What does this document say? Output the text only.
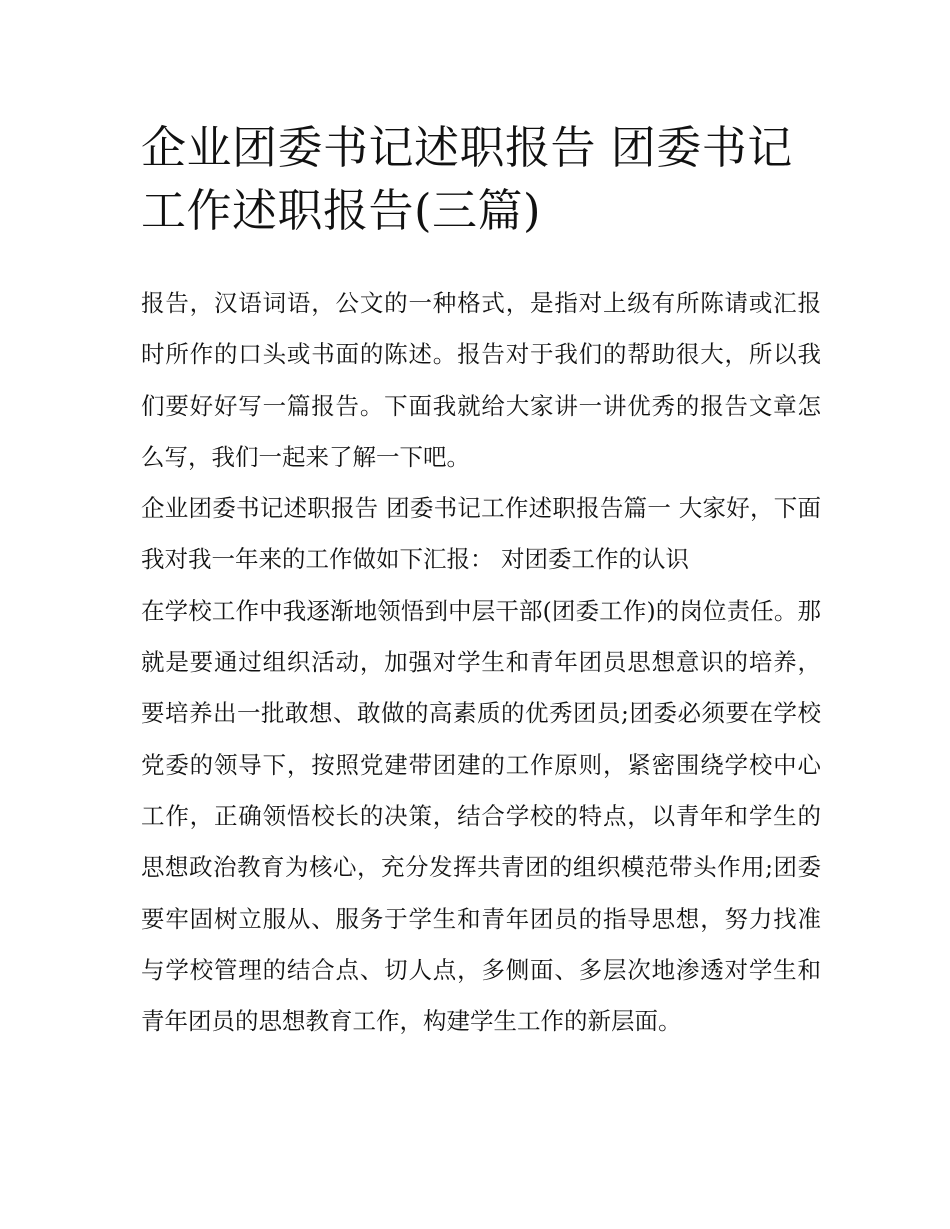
企业团委书记述职报告 团委书记工作述职报告(三篇)

报告，汉语词语，公文的一种格式，是指对上级有所陈请或汇报时所作的口头或书面的陈述。报告对于我们的帮助很大，所以我们要好好写一篇报告。下面我就给大家讲一讲优秀的报告文章怎么写，我们一起来了解一下吧。

企业团委书记述职报告 团委书记工作述职报告篇一 大家好，下面我对我一年来的工作做如下汇报： 对团委工作的认识

在学校工作中我逐渐地领悟到中层干部(团委工作)的岗位责任。那就是要通过组织活动，加强对学生和青年团员思想意识的培养，要培养出一批敢想、敢做的高素质的优秀团员;团委必须要在学校党委的领导下，按照党建带团建的工作原则，紧密围绕学校中心工作，正确领悟校长的决策，结合学校的特点，以青年和学生的思想政治教育为核心，充分发挥共青团的组织模范带头作用;团委要牢固树立服从、服务于学生和青年团员的指导思想，努力找准与学校管理的结合点、切人点，多侧面、多层次地渗透对学生和青年团员的思想教育工作，构建学生工作的新层面。
